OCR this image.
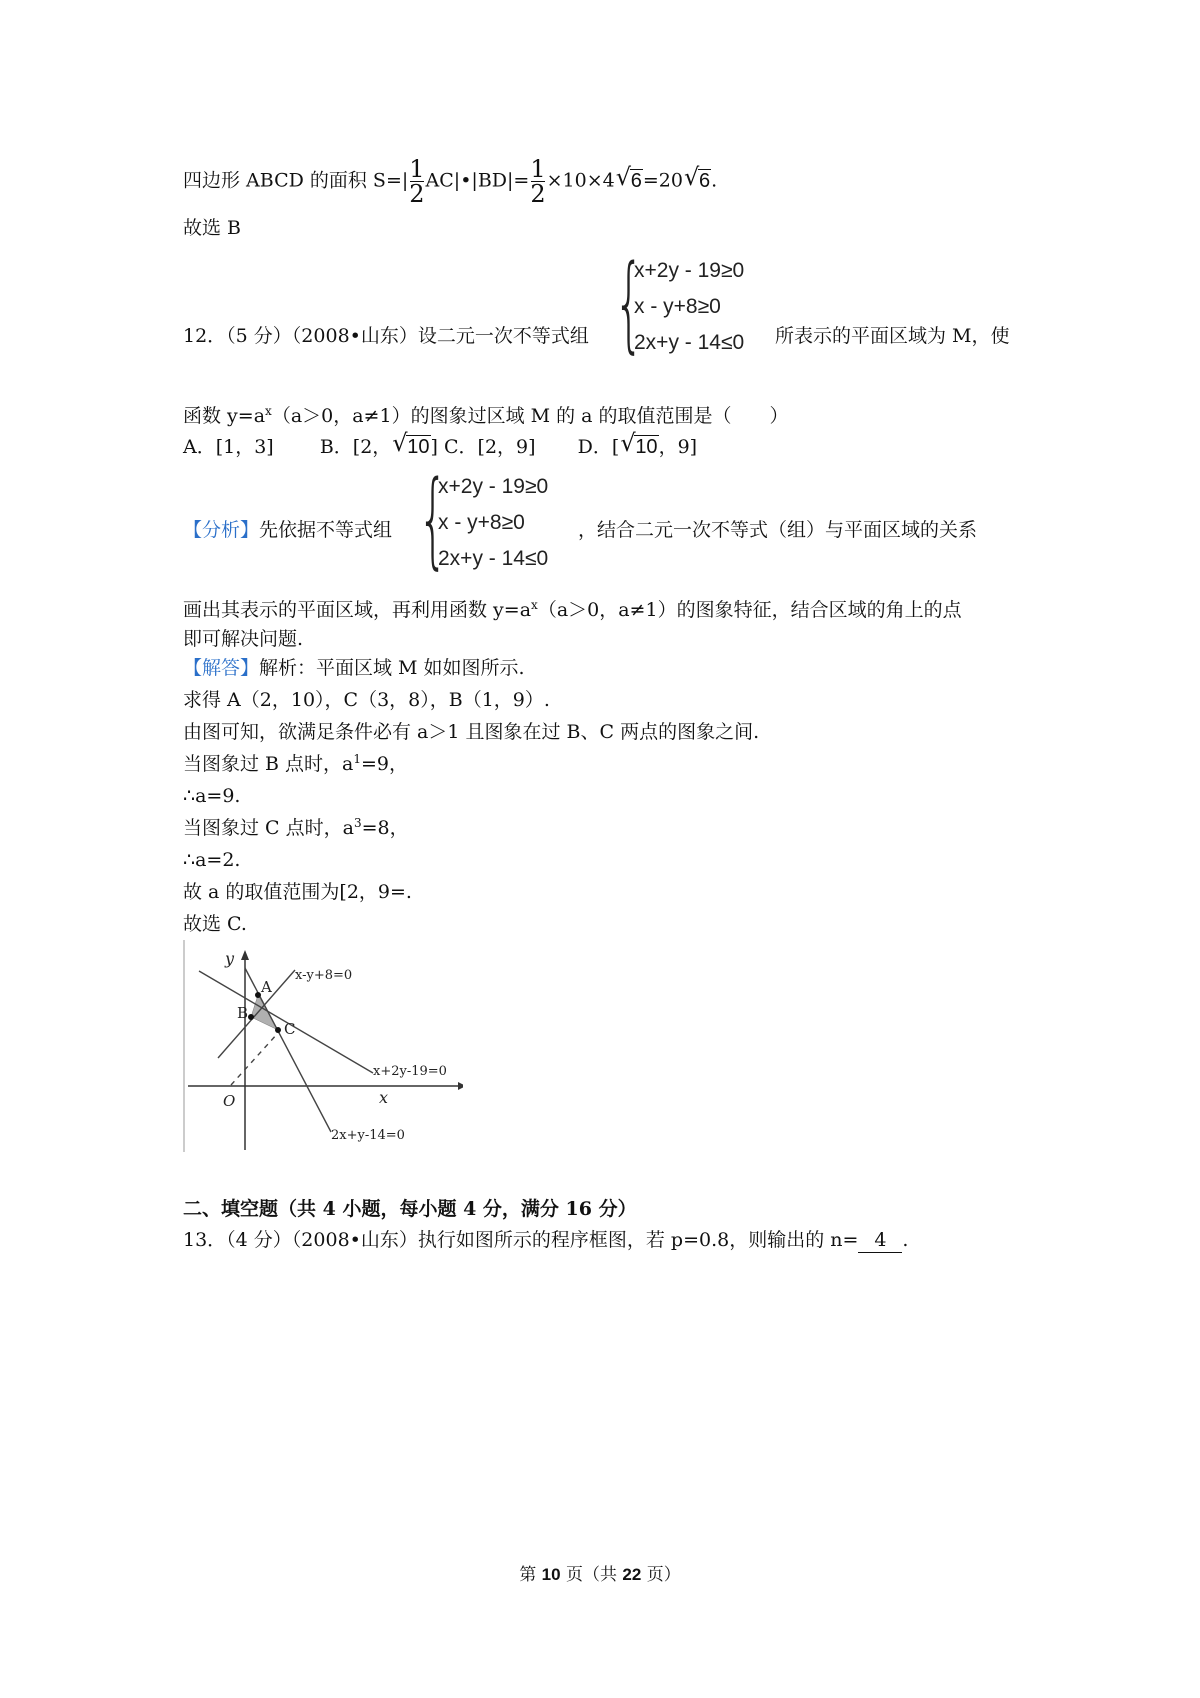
四边形 ABCD 的面积 $S=|\frac{1}{2}AC|•|BD|=\frac{1}{2}\times 10\times 4√$ 6=20√ 6.
故选 B
12．（5 分）（2008•山东）设二元一次不等式组 {
x+2y - 19≥0
x - y+8≥0
2x+y - 14≤0 所表示的平面区域为 M，使
函数 $y=a^x(a>0$，a≠1）的图象过区域 M 的 a 的取值范围是（　　）
A．[1，3] B．[2，√ 10] C．[2，9] D．[√ 10，9]
【分析】先依据不等式组 {
x+2y - 19≥0
x - y+8≥0
2x+y - 14≤0
，结合二元一次不等式（组）与平面区域的关系
画出其表示的平面区域，再利用函数 $y=a^x(a>0$，a≠1）的图象特征，结合区域的角上的点
即可解决问题.
【解答】解析：平面区域 M 如如图所示.
求得 A（2，10），C（3，8），B（1，9）.
由图可知，欲满足条件必有 a＞1 且图象在过 B、C 两点的图象之间.
当图象过 B 点时，$a^1=9$，
∴a=9.
当图象过 C 点时，$a^3=8$，
∴a=2.
故 a 的取值范围为[2，9=.
故选 C.
y
x
O
A
B
C
x-y+8=0
x+2y-19=0
2x+y-14=0
二、填空题（共 4 小题，每小题 4 分，满分 16 分）
13．（4 分）（2008•山东）执行如图所示的程序框图，若 p=0.8，则输出的 n= 4 .
第 10 页（共 22 页）
